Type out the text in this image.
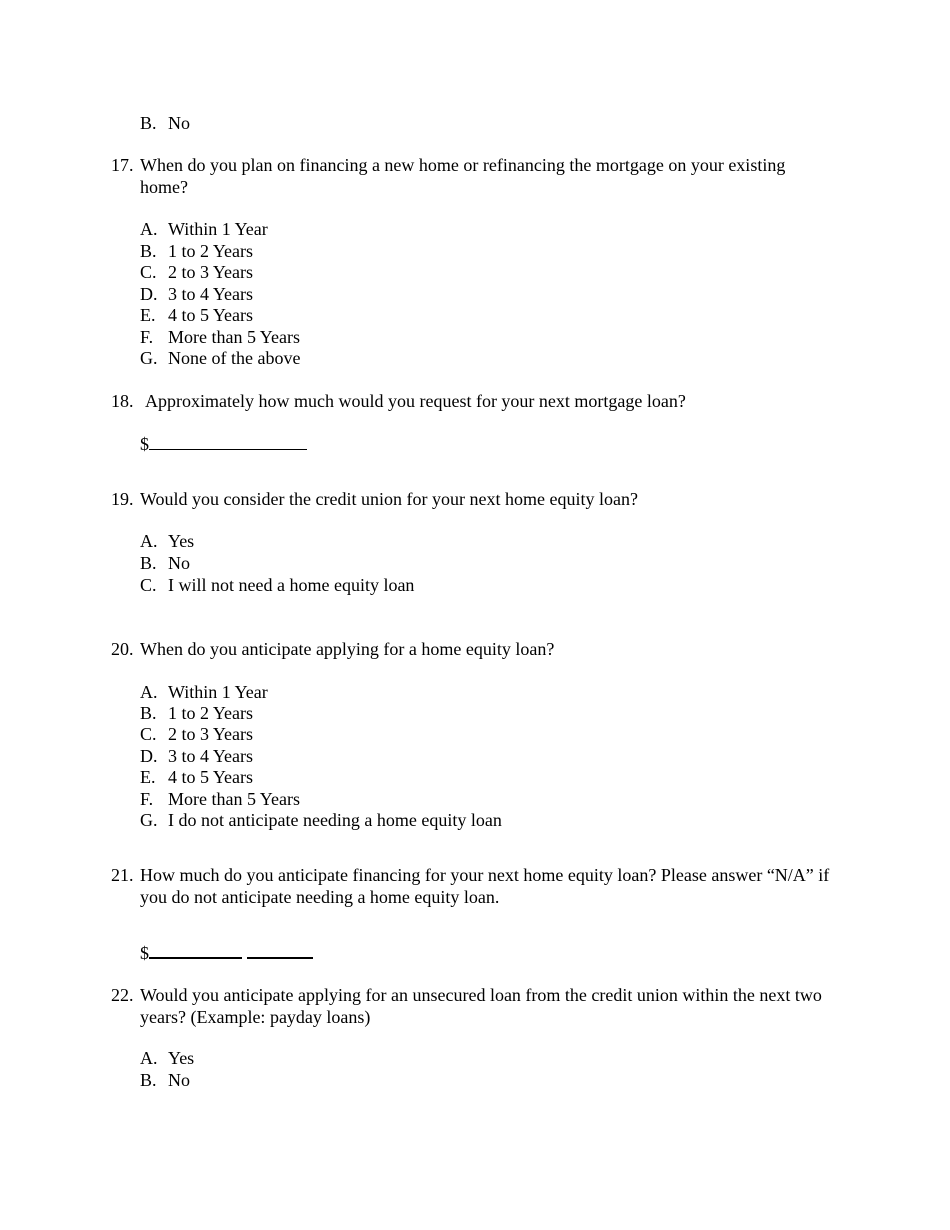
B. No
17. When do you plan on financing a new home or refinancing the mortgage on your existing home?
A. Within 1 Year
B. 1 to 2 Years
C. 2 to 3 Years
D. 3 to 4 Years
E. 4 to 5 Years
F. More than 5 Years
G. None of the above
18. Approximately how much would you request for your next mortgage loan?
$
19. Would you consider the credit union for your next home equity loan?
A. Yes
B. No
C. I will not need a home equity loan
20. When do you anticipate applying for a home equity loan?
A. Within 1 Year
B. 1 to 2 Years
C. 2 to 3 Years
D. 3 to 4 Years
E. 4 to 5 Years
F. More than 5 Years
G. I do not anticipate needing a home equity loan
21. How much do you anticipate financing for your next home equity loan? Please answer “N/A” if you do not anticipate needing a home equity loan.
$
22. Would you anticipate applying for an unsecured loan from the credit union within the next two years? (Example: payday loans)
A. Yes
B. No
